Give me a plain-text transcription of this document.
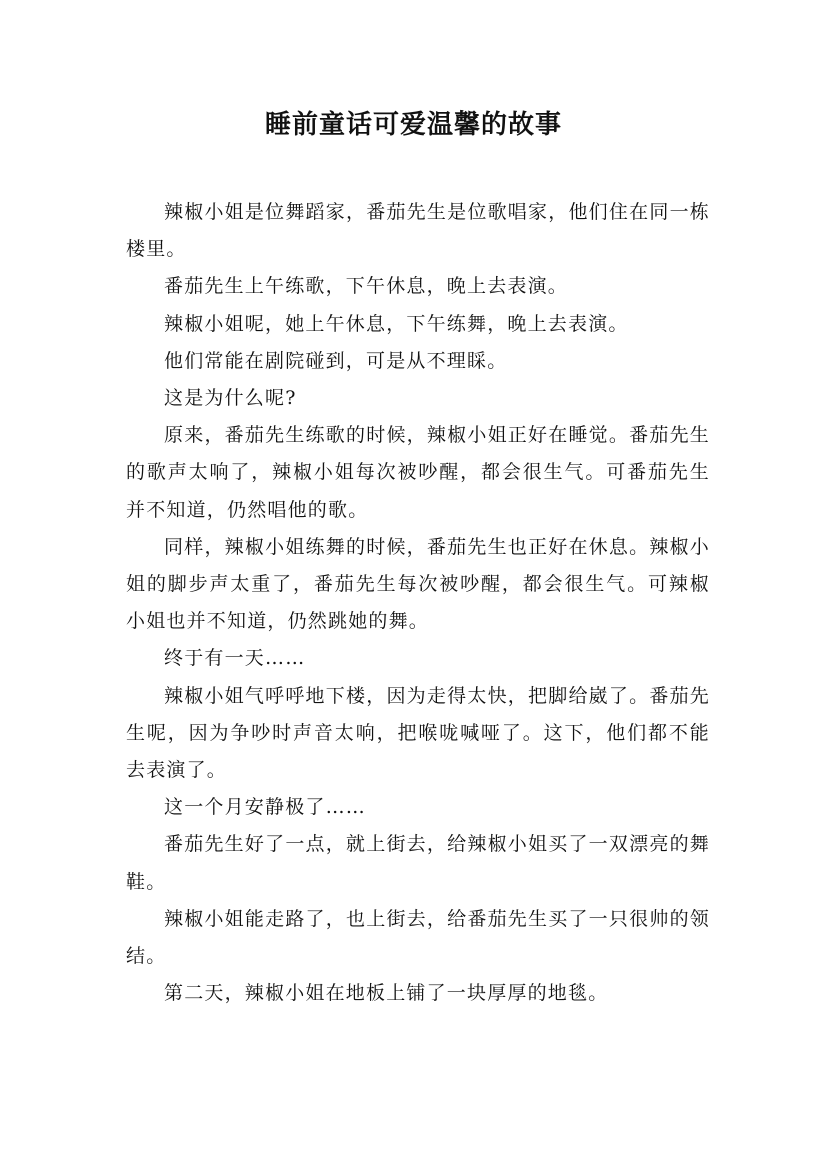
睡前童话可爱温馨的故事

辣椒小姐是位舞蹈家，番茄先生是位歌唱家，他们住在同一栋楼里。

番茄先生上午练歌，下午休息，晚上去表演。

辣椒小姐呢，她上午休息，下午练舞，晚上去表演。

他们常能在剧院碰到，可是从不理睬。

这是为什么呢?

原来，番茄先生练歌的时候，辣椒小姐正好在睡觉。番茄先生的歌声太响了，辣椒小姐每次被吵醒，都会很生气。可番茄先生并不知道，仍然唱他的歌。

同样，辣椒小姐练舞的时候，番茄先生也正好在休息。辣椒小姐的脚步声太重了，番茄先生每次被吵醒，都会很生气。可辣椒小姐也并不知道，仍然跳她的舞。

终于有一天……

辣椒小姐气呼呼地下楼，因为走得太快，把脚给崴了。番茄先生呢，因为争吵时声音太响，把喉咙喊哑了。这下，他们都不能去表演了。

这一个月安静极了……

番茄先生好了一点，就上街去，给辣椒小姐买了一双漂亮的舞鞋。

辣椒小姐能走路了，也上街去，给番茄先生买了一只很帅的领结。

第二天，辣椒小姐在地板上铺了一块厚厚的地毯。
